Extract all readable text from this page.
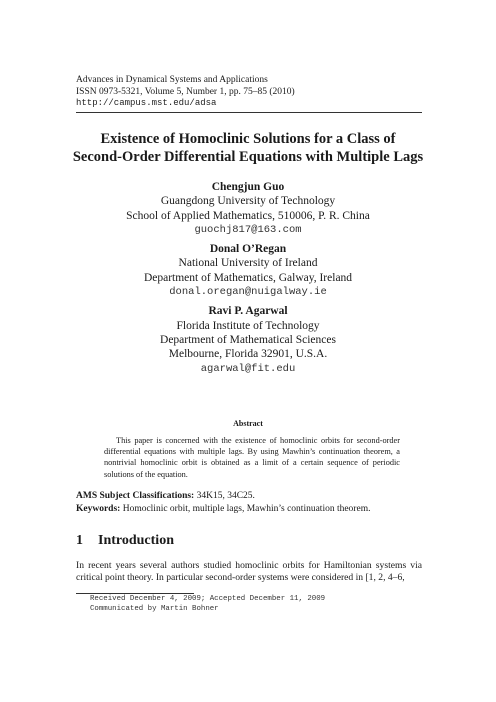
Advances in Dynamical Systems and Applications
ISSN 0973-5321, Volume 5, Number 1, pp. 75–85 (2010)
http://campus.mst.edu/adsa
Existence of Homoclinic Solutions for a Class of
Second-Order Differential Equations with Multiple Lags
Chengjun Guo
Guangdong University of Technology
School of Applied Mathematics, 510006, P. R. China
guochj817@163.com
Donal O’Regan
National University of Ireland
Department of Mathematics, Galway, Ireland
donal.oregan@nuigalway.ie
Ravi P. Agarwal
Florida Institute of Technology
Department of Mathematical Sciences
Melbourne, Florida 32901, U.S.A.
agarwal@fit.edu
Abstract
This paper is concerned with the existence of homoclinic orbits for second-order differential equations with multiple lags. By using Mawhin’s continuation theorem, a nontrivial homoclinic orbit is obtained as a limit of a certain sequence of periodic solutions of the equation.
AMS Subject Classifications: 34K15, 34C25.
Keywords: Homoclinic orbit, multiple lags, Mawhin’s continuation theorem.
1 Introduction
In recent years several authors studied homoclinic orbits for Hamiltonian systems via critical point theory. In particular second-order systems were considered in [1, 2, 4–6,
Received December 4, 2009; Accepted December 11, 2009
Communicated by Martin Bohner
